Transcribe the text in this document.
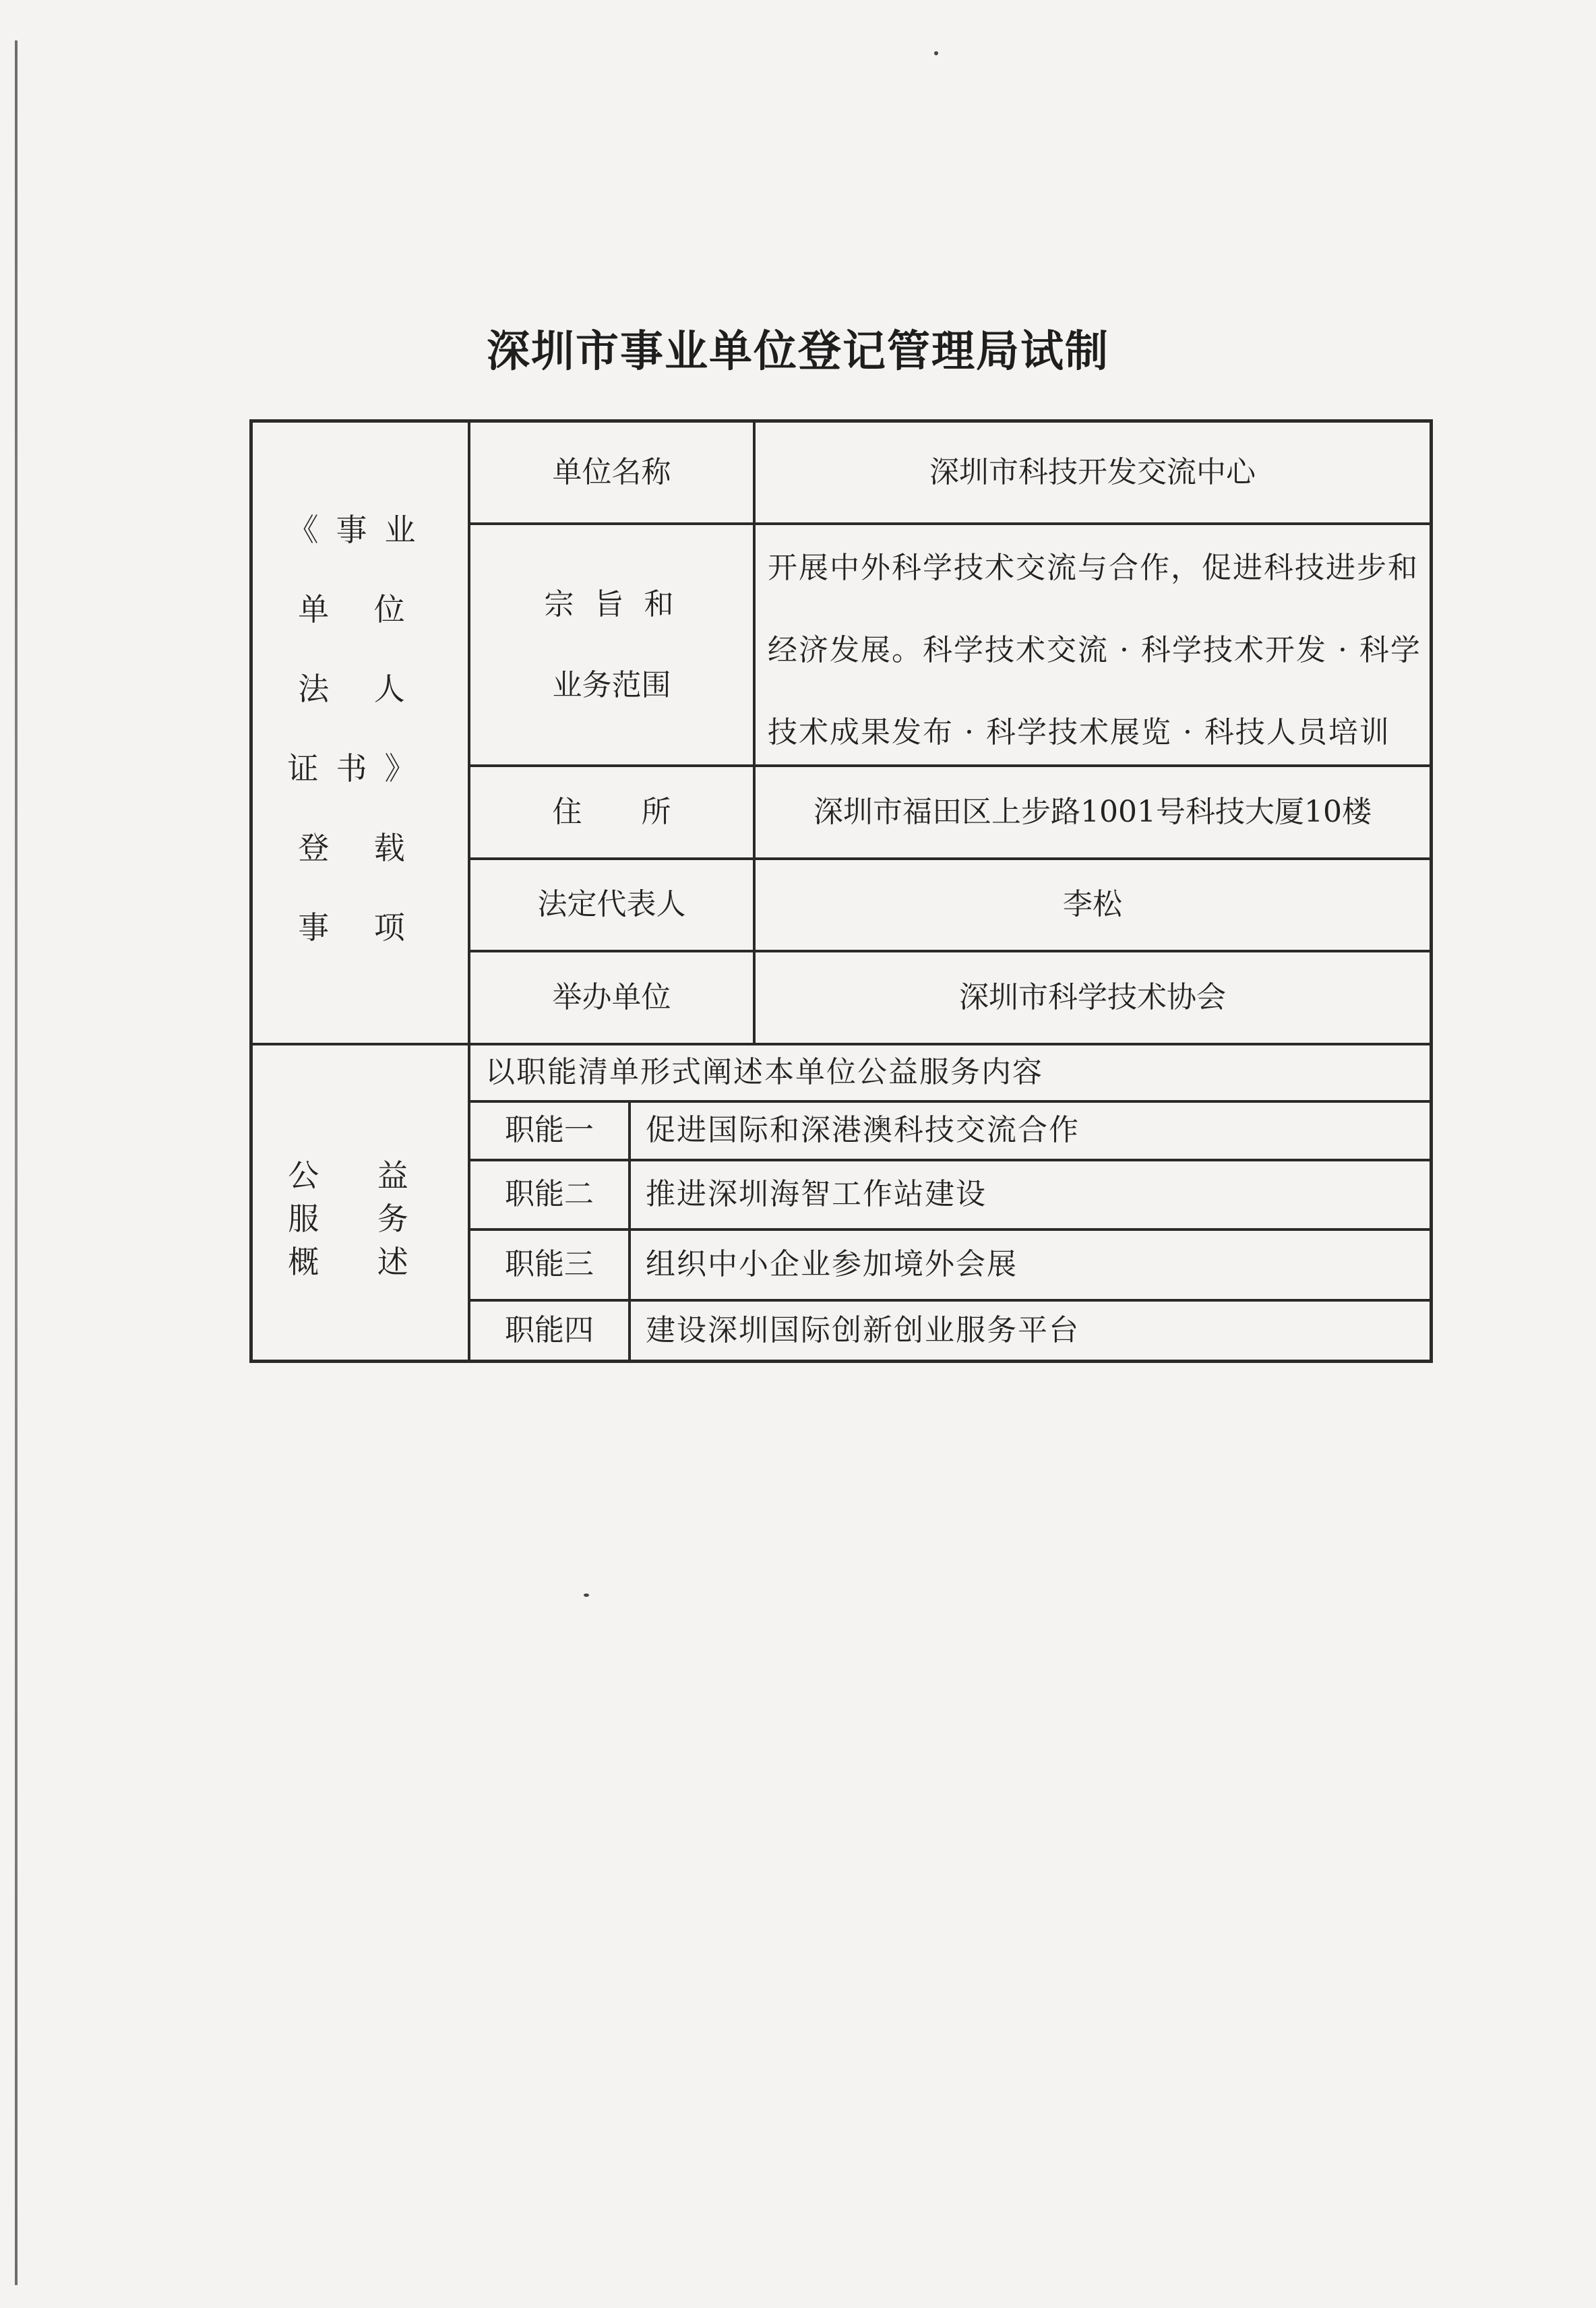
深圳市事业单位登记管理局试制
《事业
单 位
法 人
证书》
登 载
事 项
单位名称	深圳市科技开发交流中心
宗 旨 和
业务范围
开展中外科学技术交流与合作，促进科技进步和
经济发展。科学技术交流 · 科学技术开发 · 科学
技术成果发布 · 科学技术展览 · 科技人员培训
住　　所	深圳市福田区上步路1001号科技大厦10楼
法定代表人	李松
举办单位	深圳市科学技术协会
公 益
服 务
概 述
以职能清单形式阐述本单位公益服务内容
职能一	促进国际和深港澳科技交流合作
职能二	推进深圳海智工作站建设
职能三	组织中小企业参加境外会展
职能四	建设深圳国际创新创业服务平台
